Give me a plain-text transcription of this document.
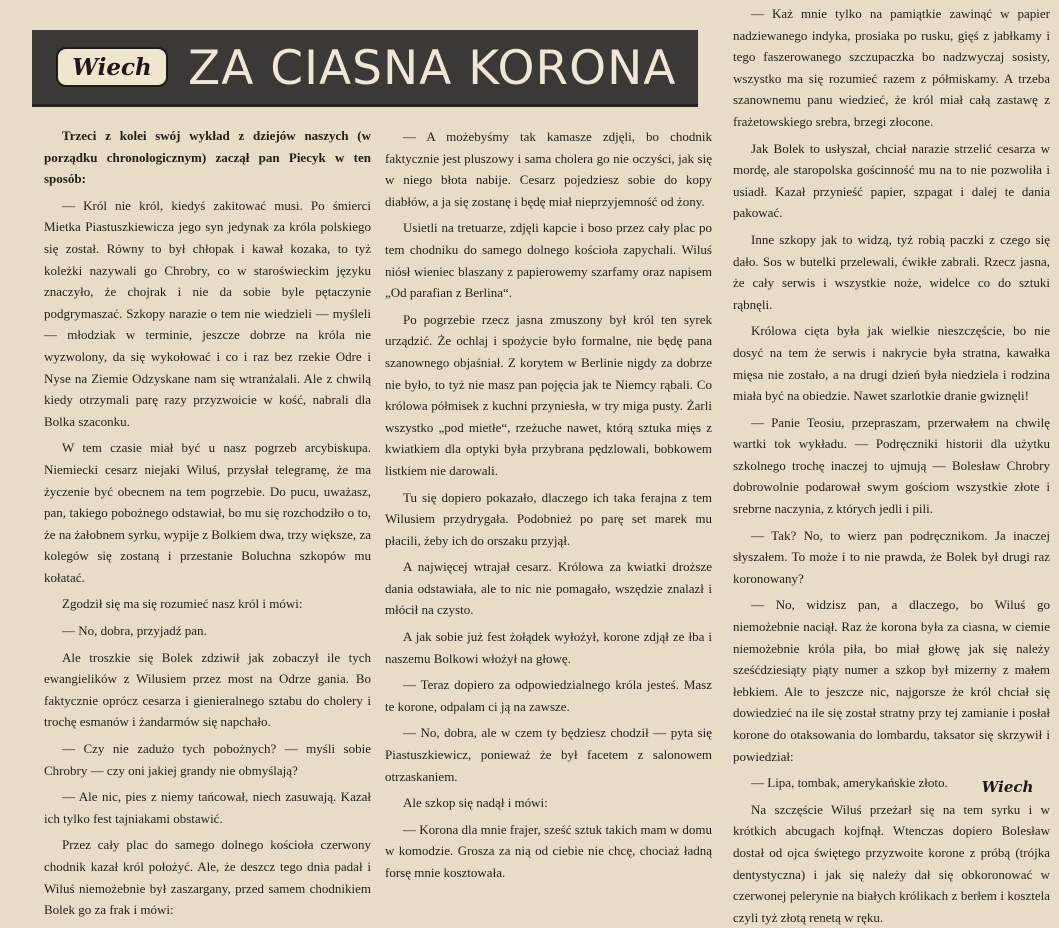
Wiech ZA CIASNA KORONA

Trzeci z kolei swój wykład z dziejów naszych (w porządku chronologicznym) zaczął pan Piecyk w ten sposób:

— Król nie król, kiedyś zakitować musi. Po śmierci Mietka Piastuszkiewicza jego syn jedynak za króla polskiego się został. Równy to był chłopak i kawał kozaka, to tyż koleżki nazywali go Chrobry, co w staroświeckim języku znaczyło, że chojrak i nie da sobie byle pętaczynie podgrymaszać. Szkopy narazie o tem nie wiedzieli — myśleli — młodziak w terminie, jeszcze dobrze na króla nie wyzwolony, da się wykołować i co i raz bez rzekie Odre i Nyse na Ziemie Odzyskane nam się wtranżalali. Ale z chwilą kiedy otrzymali parę razy przyzwoicie w kość, nabrali dla Bolka szaconku.

W tem czasie miał być u nasz pogrzeb arcybiskupa. Niemiecki cesarz niejaki Wiluś, przysłał telegramę, że ma życzenie być obecnem na tem pogrzebie. Do pucu, uważasz, pan, takiego pobożnego odstawiał, bo mu się rozchodziło o to, że na żałobnem syrku, wypije z Bolkiem dwa, trzy większe, za kolegów się zostaną i przestanie Boluchna szkopów mu kołatać.

Zgodził się ma się rozumieć nasz król i mówi:

— No, dobra, przyjadź pan.

Ale troszkie się Bolek zdziwił jak zobaczył ile tych ewangielików z Wilusiem przez most na Odrze gania. Bo faktycznie oprócz cesarza i gienieralnego sztabu do cholery i trochę esmanów i żandarmów się napchało.

— Czy nie zadużo tych pobożnych? — myśli sobie Chrobry — czy oni jakiej grandy nie obmyślają?

— Ale nic, pies z niemy tańcował, niech zasuwają. Kazał ich tylko fest tajniakami obstawić.

Przez cały plac do samego dolnego kościoła czerwony chodnik kazał król położyć. Ale, że deszcz tego dnia padał i Wiluś niemożebnie był zaszargany, przed samem chodnikiem Bolek go za frak i mówi:

— A możebyśmy tak kamasze zdjęli, bo chodnik faktycznie jest pluszowy i sama cholera go nie oczyści, jak się w niego błota nabije. Cesarz pojedziesz sobie do kopy diabłów, a ja się zostanę i będę miał nieprzyjemność od żony.

Usietli na tretuarze, zdjęli kapcie i boso przez cały plac po tem chodniku do samego dolnego kościoła zapychali. Wiluś niósł wieniec blaszany z papierowemy szarfamy oraz napisem „Od parafian z Berlina“.

Po pogrzebie rzecz jasna zmuszony był król ten syrek urządzić. Że ochlaj i spożycie było formalne, nie będę pana szanownego objaśniał. Z korytem w Berlinie nigdy za dobrze nie było, to tyż nie masz pan pojęcia jak te Niemcy rąbali. Co królowa półmisek z kuchni przyniesła, w try miga pusty. Żarli wszystko „pod mietłe“, rzeżuche nawet, którą sztuka mięs z kwiatkiem dla optyki była przybrana pędzlowali, bobkowem listkiem nie darowali.

Tu się dopiero pokazało, dlaczego ich taka ferajna z tem Wilusiem przydrygała. Podobnież po parę set marek mu płacili, żeby ich do orszaku przyjął.

A najwięcej wtrajał cesarz. Królowa za kwiatki droższe dania odstawiała, ale to nic nie pomagało, wszędzie znalazł i młócił na czysto.

A jak sobie już fest żołądek wyłożył, korone zdjął ze łba i naszemu Bolkowi włożył na głowę.

— Teraz dopiero za odpowiedzialnego króla jesteś. Masz te korone, odpalam ci ją na zawsze.

— No, dobra, ale w czem ty będziesz chodził — pyta się Piastuszkiewicz, ponieważ że był facetem z salonowem otrzaskaniem.

Ale szkop się nadął i mówi:

— Korona dla mnie frajer, sześć sztuk takich mam w domu w komodzie. Grosza za nią od ciebie nie chcę, chociaż ładną forsę mnie kosztowała.

— Każ mnie tylko na pamiątkie zawinąć w papier nadziewanego indyka, prosiaka po rusku, gięś z jabłkamy i tego faszerowanego szczupaczka bo nadzwyczaj sosisty, wszystko ma się rozumieć razem z półmiskamy. A trzeba szanownemu panu wiedzieć, że król miał całą zastawę z frażetowskiego srebra, brzegi złocone.

Jak Bolek to usłyszał, chciał narazie strzelić cesarza w mordę, ale staropolska gościnność mu na to nie pozwoliła i usiadł. Kazał przynieść papier, szpagat i dalej te dania pakować.

Inne szkopy jak to widzą, tyż robią paczki z czego się dało. Sos w butelki przelewali, ćwikłe zabrali. Rzecz jasna, że cały serwis i wszystkie noże, widelce co do sztuki rąbnęli.

Królowa cięta była jak wielkie nieszczęście, bo nie dosyć na tem że serwis i nakrycie była stratna, kawałka mięsa nie zostało, a na drugi dzień była niedziela i rodzina miała być na obiedzie. Nawet szarlotkie dranie gwiznęli!

— Panie Teosiu, przepraszam, przerwałem na chwilę wartki tok wykładu. — Podręczniki historii dla użytku szkolnego trochę inaczej to ujmują — Bolesław Chrobry dobrowolnie podarował swym gościom wszystkie złote i srebrne naczynia, z których jedli i pili.

— Tak? No, to wierz pan podręcznikom. Ja inaczej słyszałem. To może i to nie prawda, że Bolek był drugi raz koronowany?

— No, widzisz pan, a dlaczego, bo Wiluś go niemożebnie naciął. Raz że korona była za ciasna, w ciemie niemożebnie króla piła, bo miał głowę jak się należy sześćdziesiąty piąty numer a szkop był mizerny z małem łebkiem. Ale to jeszcze nic, najgorsze że król chciał się dowiedzieć na ile się został stratny przy tej zamianie i posłał korone do otaksowania do lombardu, taksator się skrzywił i powiedział:

— Lipa, tombak, amerykańskie złoto.

Na szczęście Wiluś przeżarł się na tem syrku i w krótkich abcugach kojfnął. Wtenczas dopiero Bolesław dostał od ojca świętego przyzwoite korone z próbą (trójka dentystyczna) i jak się należy dał się obkoronować w czerwonej pelerynie na białych królikach z berłem i kosztela czyli tyż złotą renetą w ręku.

Wiech
